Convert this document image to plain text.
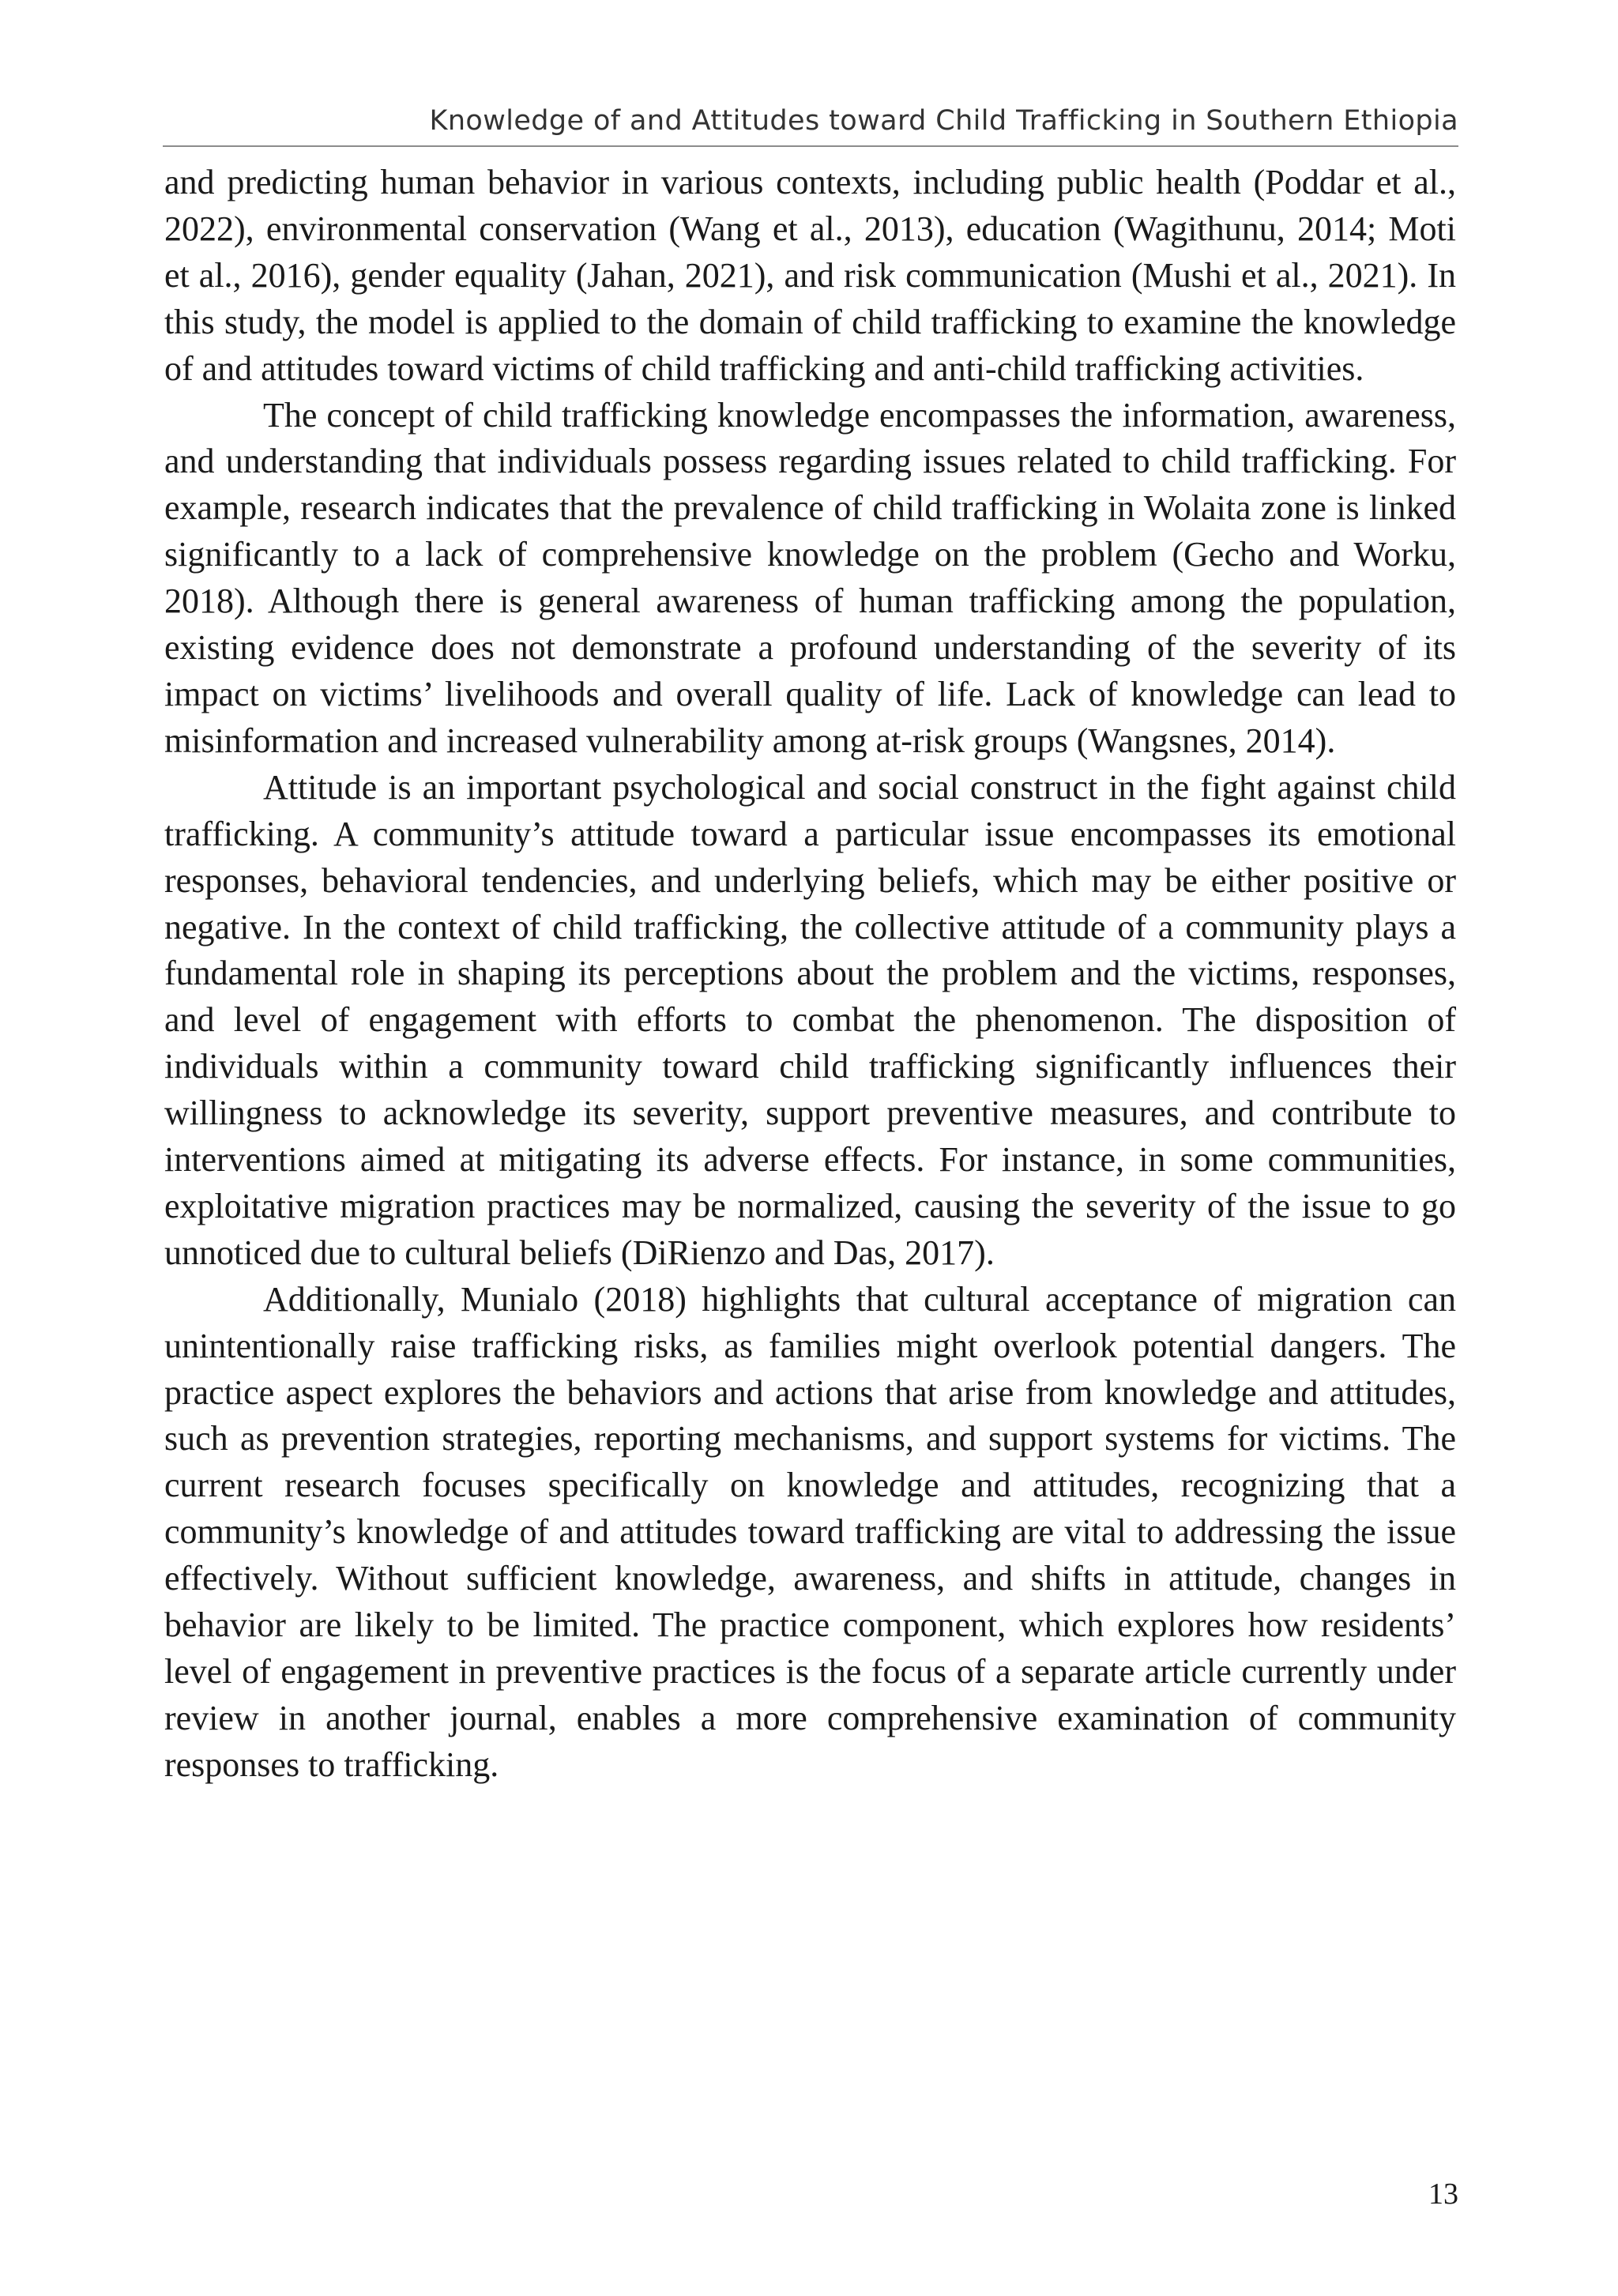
Knowledge of and Attitudes toward Child Trafficking in Southern Ethiopia

and predicting human behavior in various contexts, including public health (Poddar et al., 2022), environmental conservation (Wang et al., 2013), education (Wagithunu, 2014; Moti et al., 2016), gender equality (Jahan, 2021), and risk communication (Mushi et al., 2021). In this study, the model is applied to the domain of child trafficking to examine the knowledge of and attitudes toward victims of child trafficking and anti-child trafficking activities.

The concept of child trafficking knowledge encompasses the information, awareness, and understanding that individuals possess regarding issues related to child trafficking. For example, research indicates that the prevalence of child trafficking in Wolaita zone is linked significantly to a lack of comprehensive knowledge on the problem (Gecho and Worku, 2018). Although there is general awareness of human trafficking among the population, existing evidence does not demonstrate a profound understanding of the severity of its impact on victims’ livelihoods and overall quality of life. Lack of knowledge can lead to misinformation and increased vulnerability among at-risk groups (Wangsnes, 2014).

Attitude is an important psychological and social construct in the fight against child trafficking. A community’s attitude toward a particular issue encompasses its emotional responses, behavioral tendencies, and underlying beliefs, which may be either positive or negative. In the context of child trafficking, the collective attitude of a community plays a fundamental role in shaping its perceptions about the problem and the victims, responses, and level of engagement with efforts to combat the phenomenon. The disposition of individuals within a community toward child trafficking significantly influences their willingness to acknowledge its severity, support preventive measures, and contribute to interventions aimed at mitigating its adverse effects. For instance, in some communities, exploitative migration practices may be normalized, causing the severity of the issue to go unnoticed due to cultural beliefs (DiRienzo and Das, 2017).

Additionally, Munialo (2018) highlights that cultural acceptance of migration can unintentionally raise trafficking risks, as families might overlook potential dangers. The practice aspect explores the behaviors and actions that arise from knowledge and attitudes, such as prevention strategies, reporting mechanisms, and support systems for victims. The current research focuses specifically on knowledge and attitudes, recognizing that a community’s knowledge of and attitudes toward trafficking are vital to addressing the issue effectively. Without sufficient knowledge, awareness, and shifts in attitude, changes in behavior are likely to be limited. The practice component, which explores how residents’ level of engagement in preventive practices is the focus of a separate article currently under review in another journal, enables a more comprehensive examination of community responses to trafficking.

13
